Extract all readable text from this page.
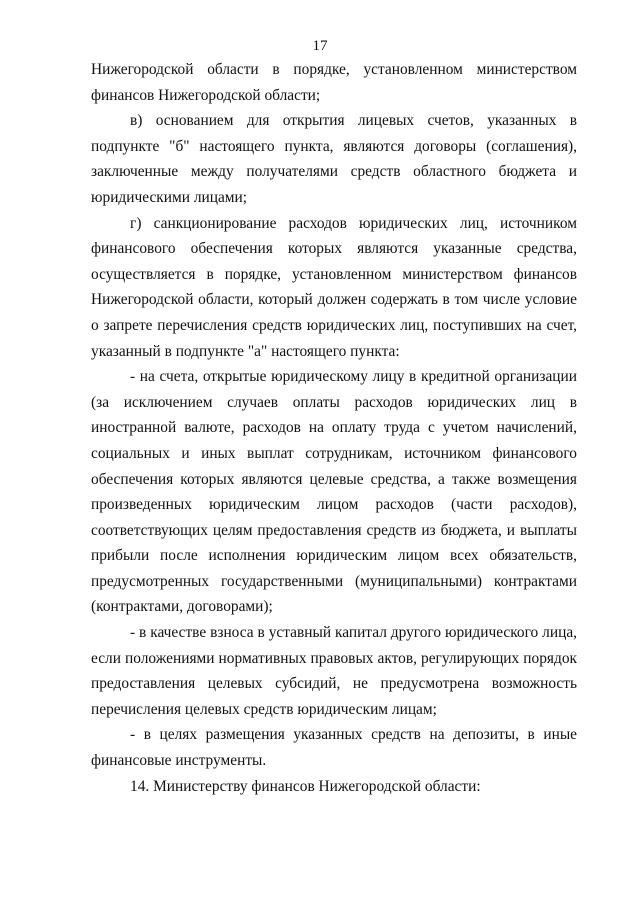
17

Нижегородской области в порядке, установленном министерством финансов Нижегородской области;

в) основанием для открытия лицевых счетов, указанных в подпункте "б" настоящего пункта, являются договоры (соглашения), заключенные между получателями средств областного бюджета и юридическими лицами;

г) санкционирование расходов юридических лиц, источником финансового обеспечения которых являются указанные средства, осуществляется в порядке, установленном министерством финансов Нижегородской области, который должен содержать в том числе условие о запрете перечисления средств юридических лиц, поступивших на счет, указанный в подпункте "а" настоящего пункта:

- на счета, открытые юридическому лицу в кредитной организации (за исключением случаев оплаты расходов юридических лиц в иностранной валюте, расходов на оплату труда с учетом начислений, социальных и иных выплат сотрудникам, источником финансового обеспечения которых являются целевые средства, а также возмещения произведенных юридическим лицом расходов (части расходов), соответствующих целям предоставления средств из бюджета, и выплаты прибыли после исполнения юридическим лицом всех обязательств, предусмотренных государственными (муниципальными) контрактами (контрактами, договорами);

- в качестве взноса в уставный капитал другого юридического лица, если положениями нормативных правовых актов, регулирующих порядок предоставления целевых субсидий, не предусмотрена возможность перечисления целевых средств юридическим лицам;

- в целях размещения указанных средств на депозиты, в иные финансовые инструменты.

14. Министерству финансов Нижегородской области:
